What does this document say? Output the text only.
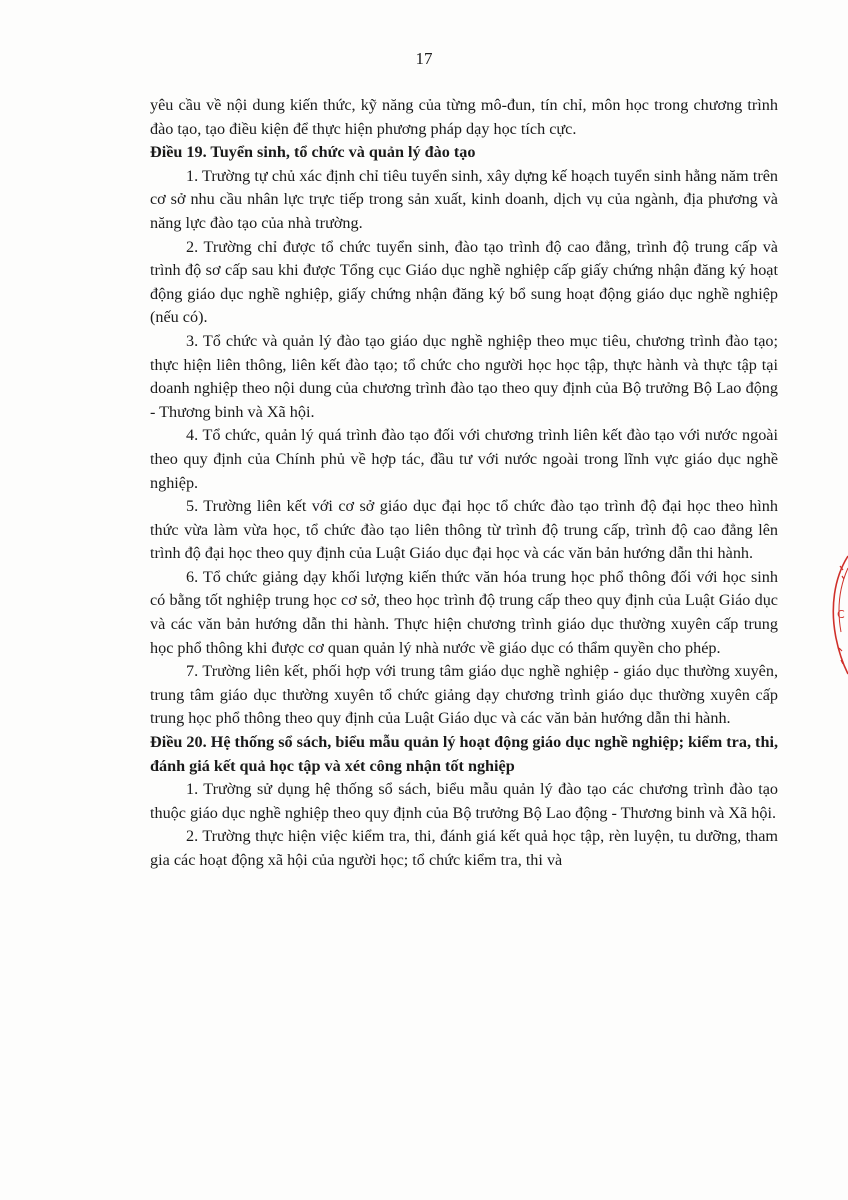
17

yêu cầu về nội dung kiến thức, kỹ năng của từng mô-đun, tín chỉ, môn học trong chương trình đào tạo, tạo điều kiện để thực hiện phương pháp dạy học tích cực.

Điều 19. Tuyển sinh, tổ chức và quản lý đào tạo

1. Trường tự chủ xác định chỉ tiêu tuyển sinh, xây dựng kế hoạch tuyển sinh hằng năm trên cơ sở nhu cầu nhân lực trực tiếp trong sản xuất, kinh doanh, dịch vụ của ngành, địa phương và năng lực đào tạo của nhà trường.

2. Trường chỉ được tổ chức tuyển sinh, đào tạo trình độ cao đẳng, trình độ trung cấp và trình độ sơ cấp sau khi được Tổng cục Giáo dục nghề nghiệp cấp giấy chứng nhận đăng ký hoạt động giáo dục nghề nghiệp, giấy chứng nhận đăng ký bổ sung hoạt động giáo dục nghề nghiệp (nếu có).

3. Tổ chức và quản lý đào tạo giáo dục nghề nghiệp theo mục tiêu, chương trình đào tạo; thực hiện liên thông, liên kết đào tạo; tổ chức cho người học học tập, thực hành và thực tập tại doanh nghiệp theo nội dung của chương trình đào tạo theo quy định của Bộ trưởng Bộ Lao động - Thương binh và Xã hội.

4. Tổ chức, quản lý quá trình đào tạo đối với chương trình liên kết đào tạo với nước ngoài theo quy định của Chính phủ về hợp tác, đầu tư với nước ngoài trong lĩnh vực giáo dục nghề nghiệp.

5. Trường liên kết với cơ sở giáo dục đại học tổ chức đào tạo trình độ đại học theo hình thức vừa làm vừa học, tổ chức đào tạo liên thông từ trình độ trung cấp, trình độ cao đẳng lên trình độ đại học theo quy định của Luật Giáo dục đại học và các văn bản hướng dẫn thi hành.

6. Tổ chức giảng dạy khối lượng kiến thức văn hóa trung học phổ thông đối với học sinh có bằng tốt nghiệp trung học cơ sở, theo học trình độ trung cấp theo quy định của Luật Giáo dục và các văn bản hướng dẫn thi hành. Thực hiện chương trình giáo dục thường xuyên cấp trung học phổ thông khi được cơ quan quản lý nhà nước về giáo dục có thẩm quyền cho phép.

7. Trường liên kết, phối hợp với trung tâm giáo dục nghề nghiệp - giáo dục thường xuyên, trung tâm giáo dục thường xuyên tổ chức giảng dạy chương trình giáo dục thường xuyên cấp trung học phổ thông theo quy định của Luật Giáo dục và các văn bản hướng dẫn thi hành.

Điều 20. Hệ thống sổ sách, biểu mẫu quản lý hoạt động giáo dục nghề nghiệp; kiểm tra, thi, đánh giá kết quả học tập và xét công nhận tốt nghiệp

1. Trường sử dụng hệ thống sổ sách, biểu mẫu quản lý đào tạo các chương trình đào tạo thuộc giáo dục nghề nghiệp theo quy định của Bộ trưởng Bộ Lao động - Thương binh và Xã hội.

2. Trường thực hiện việc kiểm tra, thi, đánh giá kết quả học tập, rèn luyện, tu dưỡng, tham gia các hoạt động xã hội của người học; tổ chức kiểm tra, thi và

C
